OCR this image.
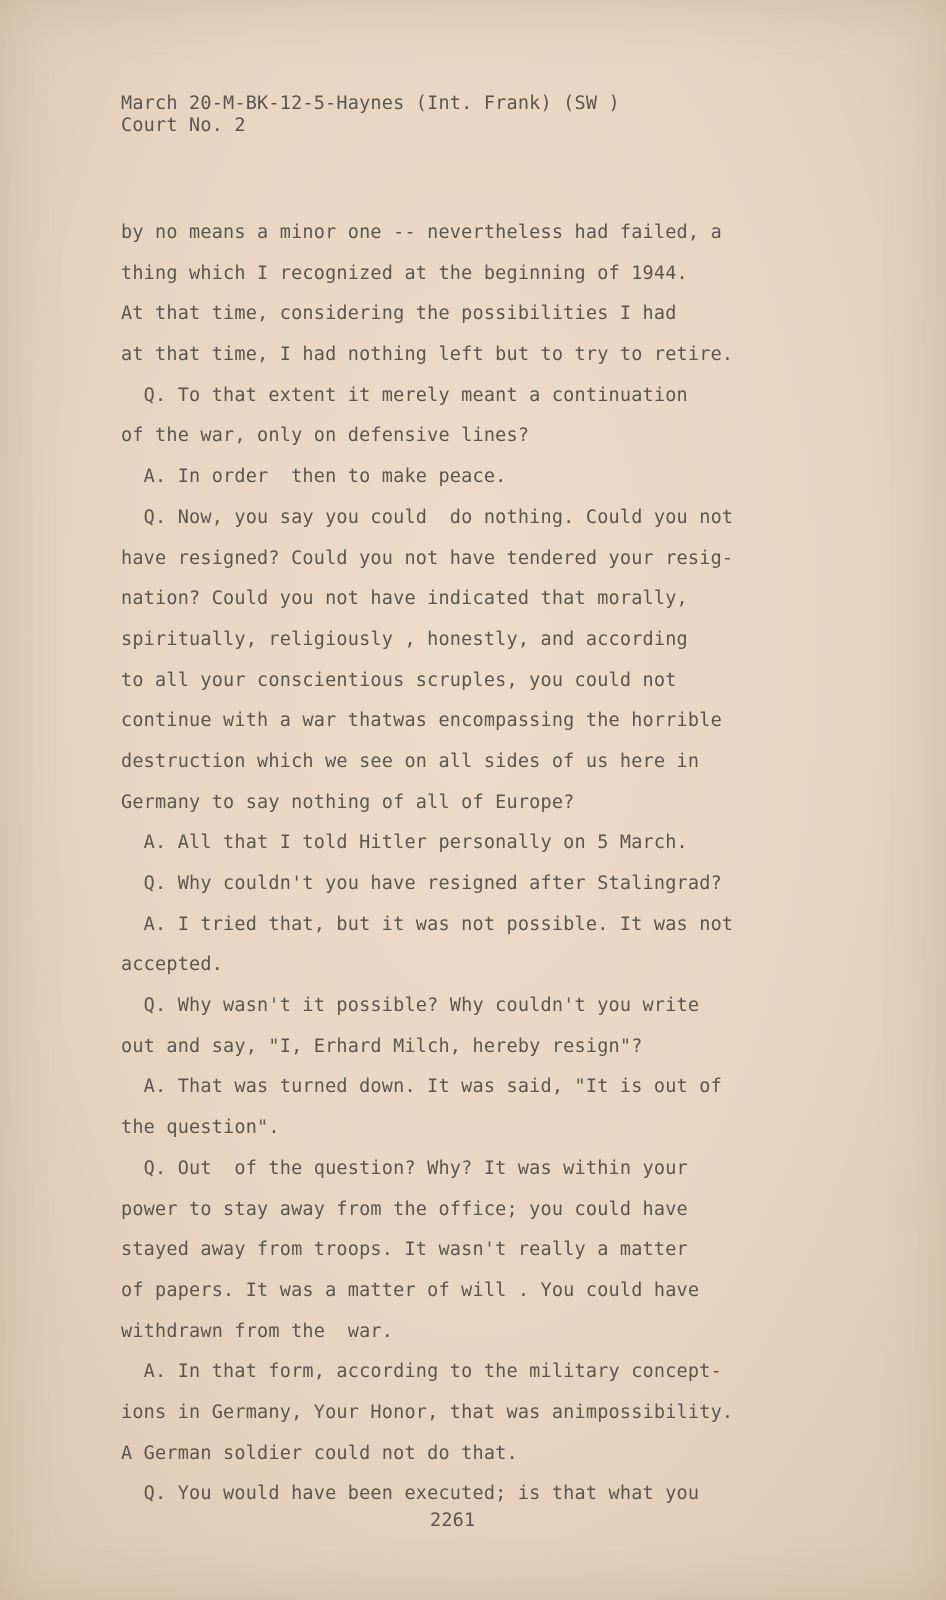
March 20-M-BK-12-5-Haynes (Int. Frank) (SW )
Court No. 2
by no means a minor one -- nevertheless had failed, a
thing which I recognized at the beginning of 1944.
At that time, considering the possibilities I had
at that time, I had nothing left but to try to retire.
Q. To that extent it merely meant a continuation
of the war, only on defensive lines?
A. In order  then to make peace.
Q. Now, you say you could  do nothing. Could you not
have resigned? Could you not have tendered your resig-
nation? Could you not have indicated that morally,
spiritually, religiously , honestly, and according
to all your conscientious scruples, you could not
continue with a war thatwas encompassing the horrible
destruction which we see on all sides of us here in
Germany to say nothing of all of Europe?
A. All that I told Hitler personally on 5 March.
Q. Why couldn't you have resigned after Stalingrad?
A. I tried that, but it was not possible. It was not
accepted.
Q. Why wasn't it possible? Why couldn't you write
out and say, "I, Erhard Milch, hereby resign"?
A. That was turned down. It was said, "It is out of
the question".
Q. Out  of the question? Why? It was within your
power to stay away from the office; you could have
stayed away from troops. It wasn't really a matter
of papers. It was a matter of will . You could have
withdrawn from the  war.
A. In that form, according to the military concept-
ions in Germany, Your Honor, that was animpossibility.
A German soldier could not do that.
Q. You would have been executed; is that what you
2261
